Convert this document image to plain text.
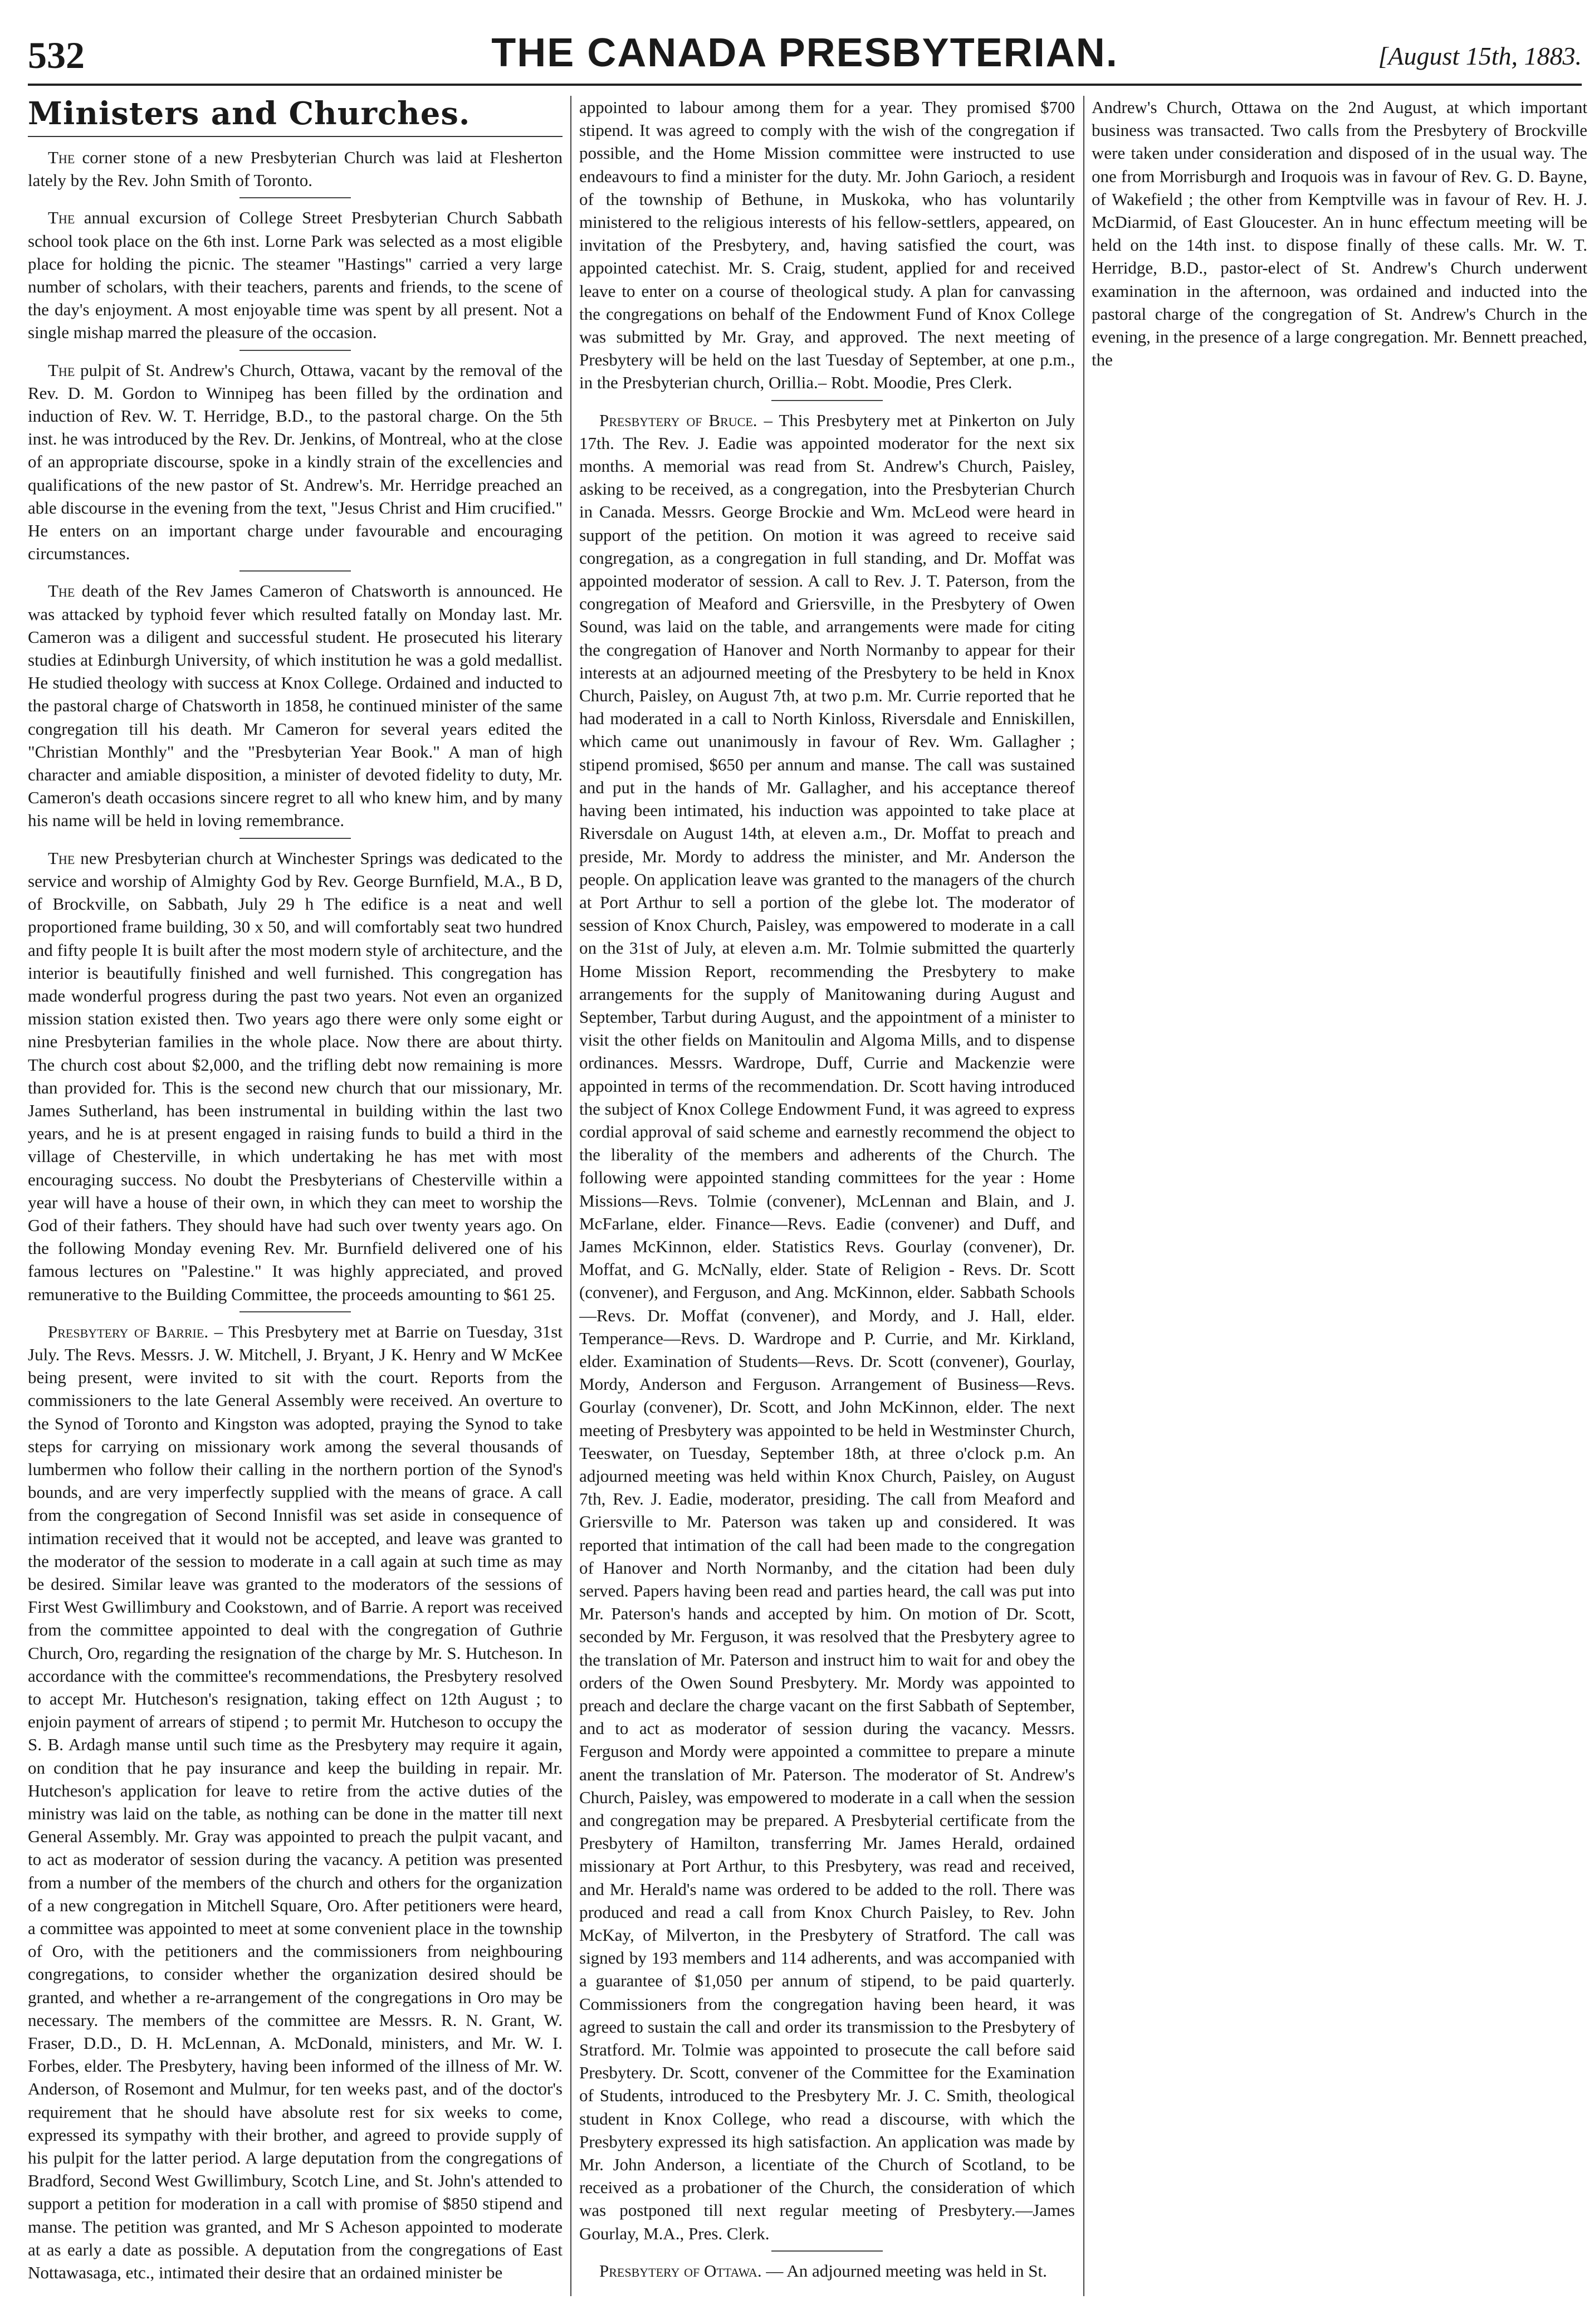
532	THE CANADA PRESBYTERIAN.	[August 15th, 1883.
Ministers and Churches.

The corner stone of a new Presbyterian Church was laid at Flesherton lately by the Rev. John Smith of Toronto.

The annual excursion of College Street Presbyterian Church Sabbath school took place on the 6th inst. Lorne Park was selected as a most eligible place for holding the picnic. The steamer "Hastings" carried a very large number of scholars, with their teachers, parents and friends, to the scene of the day's enjoyment. A most enjoyable time was spent by all present. Not a single mishap marred the pleasure of the occasion.

The pulpit of St. Andrew's Church, Ottawa, vacant by the removal of the Rev. D. M. Gordon to Winnipeg has been filled by the ordination and induction of Rev. W. T. Herridge, B.D., to the pastoral charge. On the 5th inst. he was introduced by the Rev. Dr. Jenkins, of Montreal, who at the close of an appropriate discourse, spoke in a kindly strain of the excellencies and qualifications of the new pastor of St. Andrew's. Mr. Herridge preached an able discourse in the evening from the text, "Jesus Christ and Him crucified." He enters on an important charge under favourable and encouraging circumstances.

The death of the Rev James Cameron of Chatsworth is announced. He was attacked by typhoid fever which resulted fatally on Monday last. Mr. Cameron was a diligent and successful student. He prosecuted his literary studies at Edinburgh University, of which institution he was a gold medallist. He studied theology with success at Knox College. Ordained and inducted to the pastoral charge of Chatsworth in 1858, he continued minister of the same congregation till his death. Mr Cameron for several years edited the "Christian Monthly" and the "Presbyterian Year Book." A man of high character and amiable disposition, a minister of devoted fidelity to duty, Mr. Cameron's death occasions sincere regret to all who knew him, and by many his name will be held in loving remembrance.

The new Presbyterian church at Winchester Springs was dedicated to the service and worship of Almighty God by Rev. George Burnfield, M.A., B D, of Brockville, on Sabbath, July 29 h The edifice is a neat and well proportioned frame building, 30 x 50, and will comfortably seat two hundred and fifty people It is built after the most modern style of architecture, and the interior is beautifully finished and well furnished. This congregation has made wonderful progress during the past two years. Not even an organized mission station existed then. Two years ago there were only some eight or nine Presbyterian families in the whole place. Now there are about thirty. The church cost about $2,000, and the trifling debt now remaining is more than provided for. This is the second new church that our missionary, Mr. James Sutherland, has been instrumental in building within the last two years, and he is at present engaged in raising funds to build a third in the village of Chesterville, in which undertaking he has met with most encouraging success. No doubt the Presbyterians of Chesterville within a year will have a house of their own, in which they can meet to worship the God of their fathers. They should have had such over twenty years ago. On the following Monday evening Rev. Mr. Burnfield delivered one of his famous lectures on "Palestine." It was highly appreciated, and proved remunerative to the Building Committee, the proceeds amounting to $61 25.

Presbytery of Barrie. – This Presbytery met at Barrie on Tuesday, 31st July. The Revs. Messrs. J. W. Mitchell, J. Bryant, J K. Henry and W McKee being present, were invited to sit with the court. Reports from the commissioners to the late General Assembly were received. An overture to the Synod of Toronto and Kingston was adopted, praying the Synod to take steps for carrying on missionary work among the several thousands of lumbermen who follow their calling in the northern portion of the Synod's bounds, and are very imperfectly supplied with the means of grace. A call from the congregation of Second Innisfil was set aside in consequence of intimation received that it would not be accepted, and leave was granted to the moderator of the session to moderate in a call again at such time as may be desired. Similar leave was granted to the moderators of the sessions of First West Gwillimbury and Cookstown, and of Barrie. A report was received from the committee appointed to deal with the congregation of Guthrie Church, Oro, regarding the resignation of the charge by Mr. S. Hutcheson. In accordance with the committee's recommendations, the Presbytery resolved to accept Mr. Hutcheson's resignation, taking effect on 12th August ; to enjoin payment of arrears of stipend ; to permit Mr. Hutcheson to occupy the S. B. Ardagh manse until such time as the Presbytery may require it again, on condition that he pay insurance and keep the building in repair. Mr. Hutcheson's application for leave to retire from the active duties of the ministry was laid on the table, as nothing can be done in the matter till next General Assembly. Mr. Gray was appointed to preach the pulpit vacant, and to act as moderator of session during the vacancy. A petition was presented from a number of the members of the church and others for the organization of a new congregation in Mitchell Square, Oro. After petitioners were heard, a committee was appointed to meet at some convenient place in the township of Oro, with the petitioners and the commissioners from neighbouring congregations, to consider whether the organization desired should be granted, and whether a re-arrangement of the congregations in Oro may be necessary. The members of the committee are Messrs. R. N. Grant, W. Fraser, D.D., D. H. McLennan, A. McDonald, ministers, and Mr. W. I. Forbes, elder. The Presbytery, having been informed of the illness of Mr. W. Anderson, of Rosemont and Mulmur, for ten weeks past, and of the doctor's requirement that he should have absolute rest for six weeks to come, expressed its sympathy with their brother, and agreed to provide supply of his pulpit for the latter period. A large deputation from the congregations of Bradford, Second West Gwillimbury, Scotch Line, and St. John's attended to support a petition for moderation in a call with promise of $850 stipend and manse. The petition was granted, and Mr S Acheson appointed to moderate at as early a date as possible. A deputation from the congregations of East Nottawasaga, etc., intimated their desire that an ordained minister be

appointed to labour among them for a year. They promised $700 stipend. It was agreed to comply with the wish of the congregation if possible, and the Home Mission committee were instructed to use endeavours to find a minister for the duty. Mr. John Garioch, a resident of the township of Bethune, in Muskoka, who has voluntarily ministered to the religious interests of his fellow-settlers, appeared, on invitation of the Presbytery, and, having satisfied the court, was appointed catechist. Mr. S. Craig, student, applied for and received leave to enter on a course of theological study. A plan for canvassing the congregations on behalf of the Endowment Fund of Knox College was submitted by Mr. Gray, and approved. The next meeting of Presbytery will be held on the last Tuesday of September, at one p.m., in the Presbyterian church, Orillia.– Robt. Moodie, Pres Clerk.

Presbytery of Bruce. – This Presbytery met at Pinkerton on July 17th. The Rev. J. Eadie was appointed moderator for the next six months. A memorial was read from St. Andrew's Church, Paisley, asking to be received, as a congregation, into the Presbyterian Church in Canada. Messrs. George Brockie and Wm. McLeod were heard in support of the petition. On motion it was agreed to receive said congregation, as a congregation in full standing, and Dr. Moffat was appointed moderator of session. A call to Rev. J. T. Paterson, from the congregation of Meaford and Griersville, in the Presbytery of Owen Sound, was laid on the table, and arrangements were made for citing the congregation of Hanover and North Normanby to appear for their interests at an adjourned meeting of the Presbytery to be held in Knox Church, Paisley, on August 7th, at two p.m. Mr. Currie reported that he had moderated in a call to North Kinloss, Riversdale and Enniskillen, which came out unanimously in favour of Rev. Wm. Gallagher ; stipend promised, $650 per annum and manse. The call was sustained and put in the hands of Mr. Gallagher, and his acceptance thereof having been intimated, his induction was appointed to take place at Riversdale on August 14th, at eleven a.m., Dr. Moffat to preach and preside, Mr. Mordy to address the minister, and Mr. Anderson the people. On application leave was granted to the managers of the church at Port Arthur to sell a portion of the glebe lot. The moderator of session of Knox Church, Paisley, was empowered to moderate in a call on the 31st of July, at eleven a.m. Mr. Tolmie submitted the quarterly Home Mission Report, recommending the Presbytery to make arrangements for the supply of Manitowaning during August and September, Tarbut during August, and the appointment of a minister to visit the other fields on Manitoulin and Algoma Mills, and to dispense ordinances. Messrs. Wardrope, Duff, Currie and Mackenzie were appointed in terms of the recommendation. Dr. Scott having introduced the subject of Knox College Endowment Fund, it was agreed to express cordial approval of said scheme and earnestly recommend the object to the liberality of the members and adherents of the Church. The following were appointed standing committees for the year : Home Missions—Revs. Tolmie (convener), McLennan and Blain, and J. McFarlane, elder. Finance—Revs. Eadie (convener) and Duff, and James McKinnon, elder. Statistics Revs. Gourlay (convener), Dr. Moffat, and G. McNally, elder. State of Religion - Revs. Dr. Scott (convener), and Ferguson, and Ang. McKinnon, elder. Sabbath Schools—Revs. Dr. Moffat (convener), and Mordy, and J. Hall, elder. Temperance—Revs. D. Wardrope and P. Currie, and Mr. Kirkland, elder. Examination of Students—Revs. Dr. Scott (convener), Gourlay, Mordy, Anderson and Ferguson. Arrangement of Business—Revs. Gourlay (convener), Dr. Scott, and John McKinnon, elder. The next meeting of Presbytery was appointed to be held in Westminster Church, Teeswater, on Tuesday, September 18th, at three o'clock p.m. An adjourned meeting was held within Knox Church, Paisley, on August 7th, Rev. J. Eadie, moderator, presiding. The call from Meaford and Griersville to Mr. Paterson was taken up and considered. It was reported that intimation of the call had been made to the congregation of Hanover and North Normanby, and the citation had been duly served. Papers having been read and parties heard, the call was put into Mr. Paterson's hands and accepted by him. On motion of Dr. Scott, seconded by Mr. Ferguson, it was resolved that the Presbytery agree to the translation of Mr. Paterson and instruct him to wait for and obey the orders of the Owen Sound Presbytery. Mr. Mordy was appointed to preach and declare the charge vacant on the first Sabbath of September, and to act as moderator of session during the vacancy. Messrs. Ferguson and Mordy were appointed a committee to prepare a minute anent the translation of Mr. Paterson. The moderator of St. Andrew's Church, Paisley, was empowered to moderate in a call when the session and congregation may be prepared. A Presbyterial certificate from the Presbytery of Hamilton, transferring Mr. James Herald, ordained missionary at Port Arthur, to this Presbytery, was read and received, and Mr. Herald's name was ordered to be added to the roll. There was produced and read a call from Knox Church Paisley, to Rev. John McKay, of Milverton, in the Presbytery of Stratford. The call was signed by 193 members and 114 adherents, and was accompanied with a guarantee of $1,050 per annum of stipend, to be paid quarterly. Commissioners from the congregation having been heard, it was agreed to sustain the call and order its transmission to the Presbytery of Stratford. Mr. Tolmie was appointed to prosecute the call before said Presbytery. Dr. Scott, convener of the Committee for the Examination of Students, introduced to the Presbytery Mr. J. C. Smith, theological student in Knox College, who read a discourse, with which the Presbytery expressed its high satisfaction. An application was made by Mr. John Anderson, a licentiate of the Church of Scotland, to be received as a probationer of the Church, the consideration of which was postponed till next regular meeting of Presbytery.—James Gourlay, M.A., Pres. Clerk.

Presbytery of Ottawa. — An adjourned meeting was held in St.

Andrew's Church, Ottawa on the 2nd August, at which important business was transacted. Two calls from the Presbytery of Brockville were taken under consideration and disposed of in the usual way. The one from Morrisburgh and Iroquois was in favour of Rev. G. D. Bayne, of Wakefield ; the other from Kemptville was in favour of Rev. H. J. McDiarmid, of East Gloucester. An in hunc effectum meeting will be held on the 14th inst. to dispose finally of these calls. Mr. W. T. Herridge, B.D., pastor-elect of St. Andrew's Church underwent examination in the afternoon, was ordained and inducted into the pastoral charge of the congregation of St. Andrew's Church in the evening, in the presence of a large congregation. Mr. Bennett preached, the
